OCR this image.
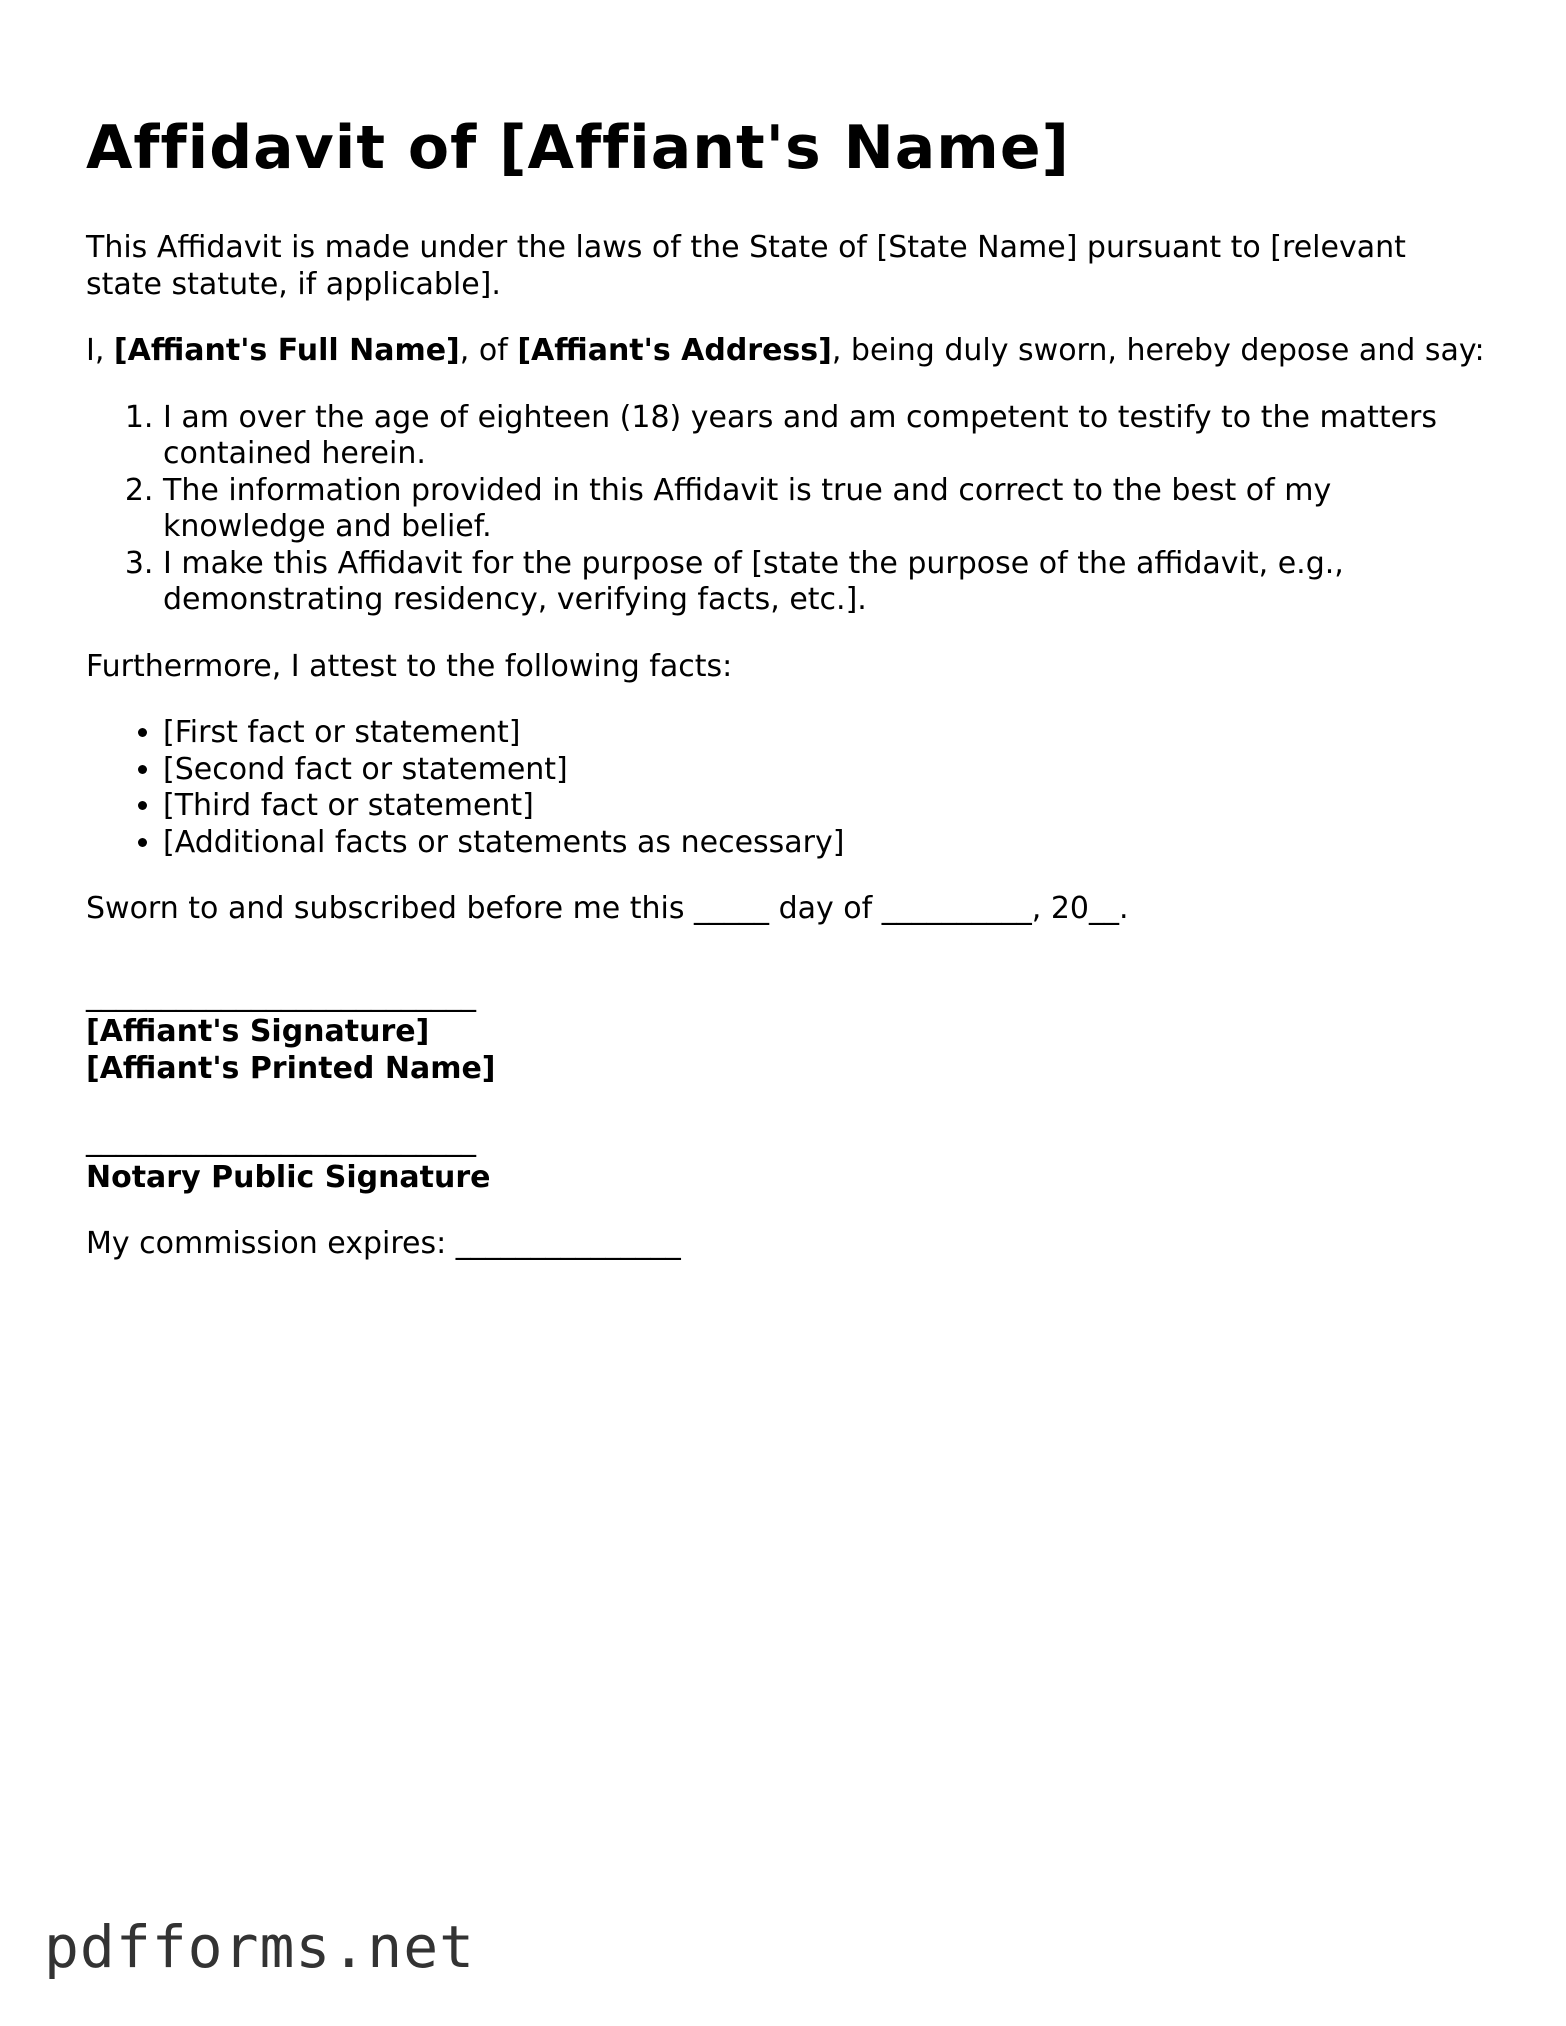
Affidavit of [Affiant's Name]

This Affidavit is made under the laws of the State of [State Name] pursuant to [relevant state statute, if applicable].

I, [Affiant's Full Name], of [Affiant's Address], being duly sworn, hereby depose and say:

1. I am over the age of eighteen (18) years and am competent to testify to the matters contained herein.
2. The information provided in this Affidavit is true and correct to the best of my knowledge and belief.
3. I make this Affidavit for the purpose of [state the purpose of the affidavit, e.g., demonstrating residency, verifying facts, etc.].

Furthermore, I attest to the following facts:

• [First fact or statement]
• [Second fact or statement]
• [Third fact or statement]
• [Additional facts or statements as necessary]

Sworn to and subscribed before me this _____ day of __________, 20__.

__________________________

[Affiant's Signature]

[Affiant's Printed Name]

__________________________

Notary Public Signature

My commission expires: _______________

pdfforms.net
